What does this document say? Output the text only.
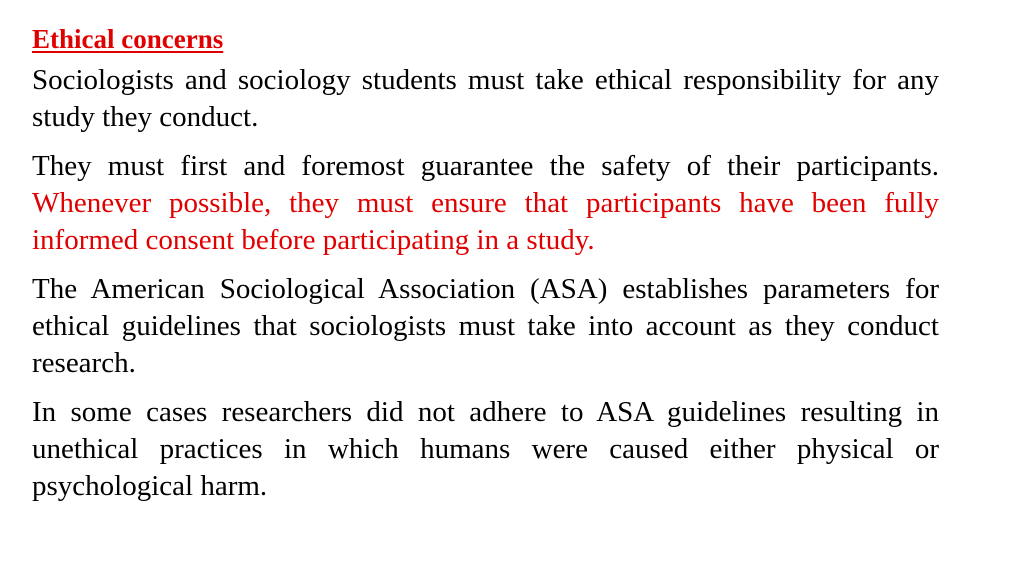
Ethical concerns

Sociologists and sociology students must take ethical responsibility for any study they conduct.

They must first and foremost guarantee the safety of their participants. Whenever possible, they must ensure that participants have been fully informed consent before participating in a study.

The American Sociological Association (ASA) establishes parameters for ethical guidelines that sociologists must take into account as they conduct research.

In some cases researchers did not adhere to ASA guidelines resulting in unethical practices in which humans were caused either physical or psychological harm.
